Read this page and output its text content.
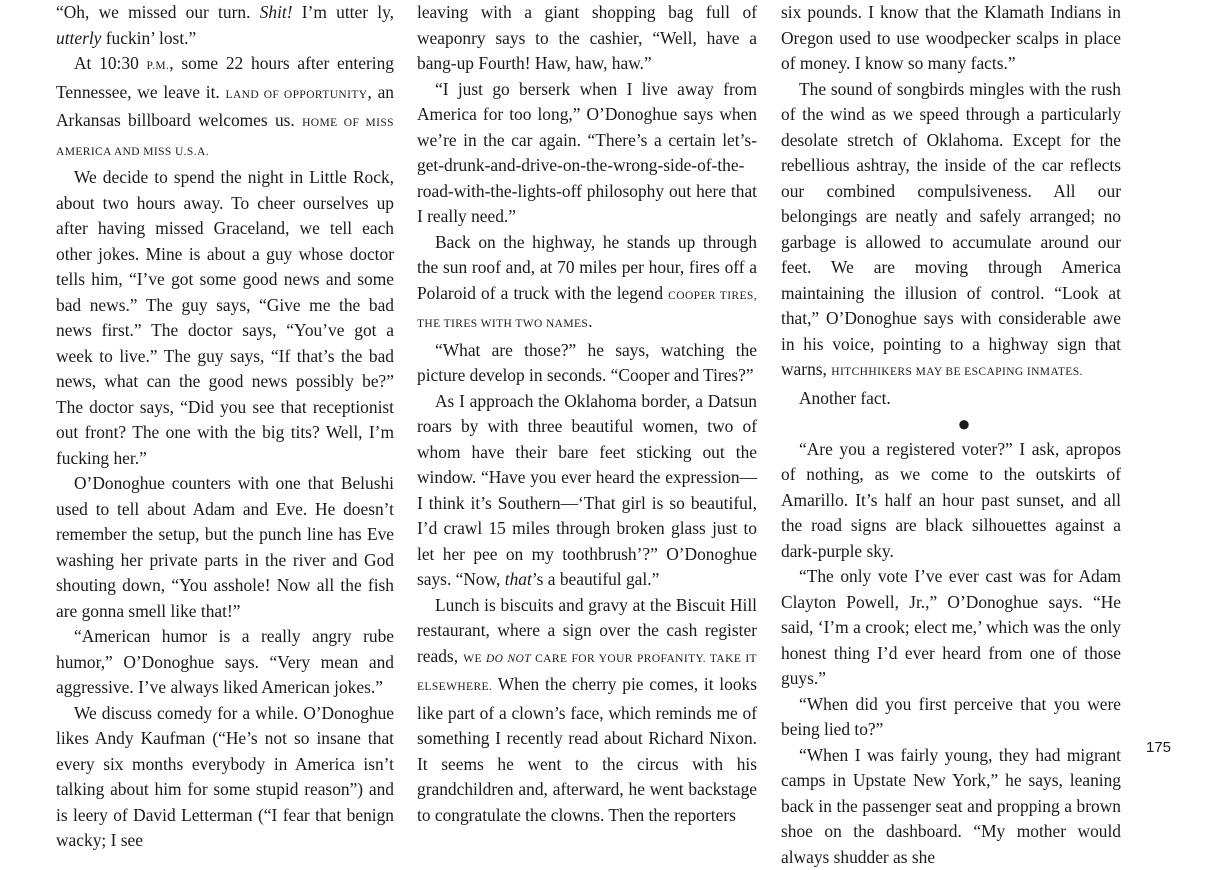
“Oh, we missed our turn. Shit! I’m utter ly, utterly fuckin’ lost.”

At 10:30 P.M., some 22 hours after entering Tennessee, we leave it. LAND OF OPPORTUNITY, an Arkansas billboard welcomes us. HOME OF MISS AMERICA AND MISS U.S.A.

We decide to spend the night in Little Rock, about two hours away. To cheer ourselves up after having missed Graceland, we tell each other jokes. Mine is about a guy whose doctor tells him, “I’ve got some good news and some bad news.” The guy says, “Give me the bad news first.” The doctor says, “You’ve got a week to live.” The guy says, “If that’s the bad news, what can the good news possibly be?” The doctor says, “Did you see that receptionist out front? The one with the big tits? Well, I’m fucking her.”

O’Donoghue counters with one that Belushi used to tell about Adam and Eve. He doesn’t remember the setup, but the punch line has Eve washing her private parts in the river and God shouting down, “You asshole! Now all the fish are gonna smell like that!”

“American humor is a really angry rube humor,” O’Donoghue says. “Very mean and aggressive. I’ve always liked American jokes.”

We discuss comedy for a while. O’Donoghue likes Andy Kaufman (“He’s not so insane that every six months everybody in America isn’t talking about him for some stupid reason”) and is leery of David Letterman (“I fear that benign wacky; I see

leaving with a giant shopping bag full of weaponry says to the cashier, “Well, have a bang-up Fourth! Haw, haw, haw.”

“I just go berserk when I live away from America for too long,” O’Donoghue says when we’re in the car again. “There’s a certain let’s-get-drunk-and-drive-on-the-wrong-side-of-the-road-with-the-lights-off philosophy out here that I really need.”

Back on the highway, he stands up through the sun roof and, at 70 miles per hour, fires off a Polaroid of a truck with the legend COOPER TIRES, THE TIRES WITH TWO NAMES.

“What are those?” he says, watching the picture develop in seconds. “Cooper and Tires?”

As I approach the Oklahoma border, a Datsun roars by with three beautiful women, two of whom have their bare feet sticking out the window. “Have you ever heard the expression—I think it’s Southern—‘That girl is so beautiful, I’d crawl 15 miles through broken glass just to let her pee on my toothbrush’?” O’Donoghue says. “Now, that’s a beautiful gal.”

Lunch is biscuits and gravy at the Biscuit Hill restaurant, where a sign over the cash register reads, WE DO NOT CARE FOR YOUR PROFANITY. TAKE IT ELSEWHERE. When the cherry pie comes, it looks like part of a clown’s face, which reminds me of something I recently read about Richard Nixon. It seems he went to the circus with his grandchildren and, afterward, he went backstage to congratulate the clowns. Then the reporters

six pounds. I know that the Klamath Indians in Oregon used to use woodpecker scalps in place of money. I know so many facts.”

The sound of songbirds mingles with the rush of the wind as we speed through a particularly desolate stretch of Oklahoma. Except for the rebellious ashtray, the inside of the car reflects our combined compulsiveness. All our belongings are neatly and safely arranged; no garbage is allowed to accumulate around our feet. We are moving through America maintaining the illusion of control. “Look at that,” O’Donoghue says with considerable awe in his voice, pointing to a highway sign that warns, HITCHHIKERS MAY BE ESCAPING INMATES.

Another fact.

●

“Are you a registered voter?” I ask, apropos of nothing, as we come to the outskirts of Amarillo. It’s half an hour past sunset, and all the road signs are black silhouettes against a dark-purple sky.

“The only vote I’ve ever cast was for Adam Clayton Powell, Jr.,” O’Donoghue says. “He said, ‘I’m a crook; elect me,’ which was the only honest thing I’d ever heard from one of those guys.”

“When did you first perceive that you were being lied to?”

“When I was fairly young, they had migrant camps in Upstate New York,” he says, leaning back in the passenger seat and propping a brown shoe on the dashboard. “My mother would always shudder as she

175
